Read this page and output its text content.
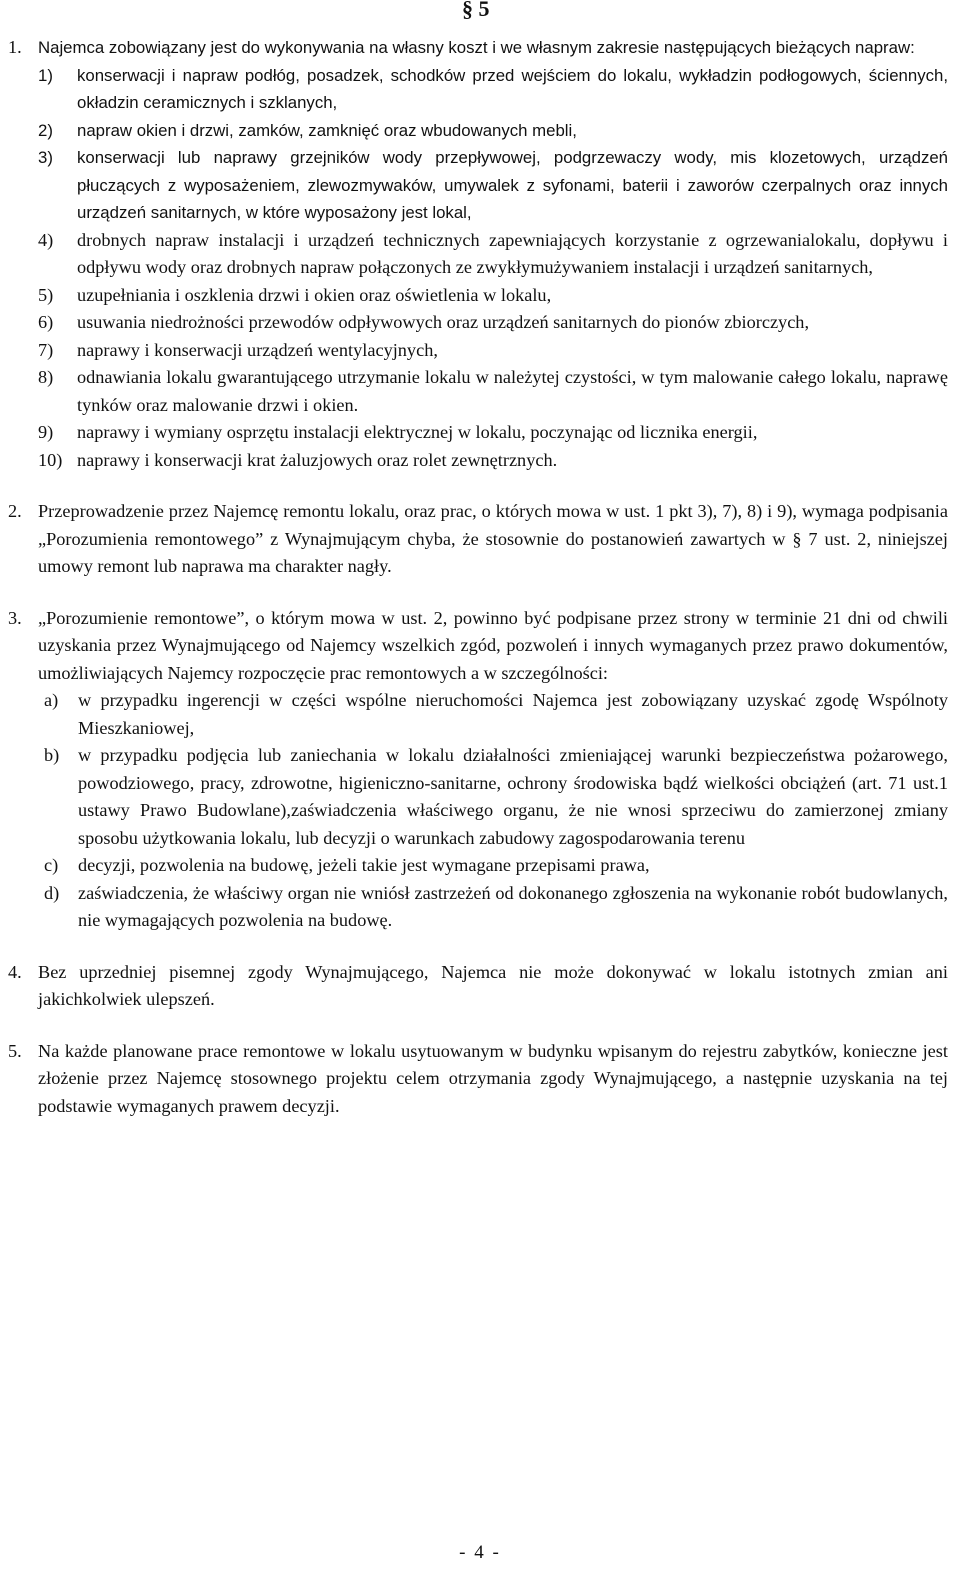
§ 5
1. Najemca zobowiązany jest do wykonywania na własny koszt i we własnym zakresie następujących bieżących napraw:
1) konserwacji i napraw podłóg, posadzek, schodków przed wejściem do lokalu, wykładzin podłogowych, ściennych, okładzin ceramicznych i szklanych,
2) napraw okien i drzwi, zamków, zamknięć oraz wbudowanych mebli,
3) konserwacji lub naprawy grzejników wody przepływowej, podgrzewaczy wody, mis klozetowych, urządzeń płuczących z wyposażeniem, zlewozmywaków, umywalek z syfonami, baterii i zaworów czerpalnych oraz innych urządzeń sanitarnych, w które wyposażony jest lokal,
4) drobnych napraw instalacji i urządzeń technicznych zapewniających korzystanie z ogrzewanialokalu, dopływu i odpływu wody oraz drobnych napraw połączonych ze zwykłymużywaniem instalacji i urządzeń sanitarnych,
5) uzupełniania i oszklenia drzwi i okien oraz oświetlenia w lokalu,
6) usuwania niedrożności przewodów odpływowych oraz urządzeń sanitarnych do pionów zbiorczych,
7) naprawy i konserwacji urządzeń wentylacyjnych,
8) odnawiania lokalu gwarantującego utrzymanie lokalu w należytej czystości, w tym malowanie całego lokalu, naprawę tynków oraz malowanie drzwi i okien.
9) naprawy i wymiany osprzętu instalacji elektrycznej w lokalu, poczynając od licznika energii,
10) naprawy i konserwacji krat żaluzjowych oraz rolet zewnętrznych.
2. Przeprowadzenie przez Najemcę remontu lokalu, oraz prac, o których mowa w ust. 1 pkt 3), 7), 8) i 9), wymaga podpisania „Porozumienia remontowego” z Wynajmującym chyba, że stosownie do postanowień zawartych w § 7 ust. 2, niniejszej umowy remont lub naprawa ma charakter nagły.
3. „Porozumienie remontowe”, o którym mowa w ust. 2, powinno być podpisane przez strony w terminie 21 dni od chwili uzyskania przez Wynajmującego od Najemcy wszelkich zgód, pozwoleń i innych wymaganych przez prawo dokumentów, umożliwiających Najemcy rozpoczęcie prac remontowych a w szczególności:
a) w przypadku ingerencji w części wspólne nieruchomości Najemca jest zobowiązany uzyskać zgodę Wspólnoty Mieszkaniowej,
b) w przypadku podjęcia lub zaniechania w lokalu działalności zmieniającej warunki bezpieczeństwa pożarowego, powodziowego, pracy, zdrowotne, higieniczno-sanitarne, ochrony środowiska bądź wielkości obciążeń (art. 71 ust.1 ustawy Prawo Budowlane),zaświadczenia właściwego organu, że nie wnosi sprzeciwu do zamierzonej zmiany sposobu użytkowania lokalu, lub decyzji o warunkach zabudowy zagospodarowania terenu
c) decyzji, pozwolenia na budowę, jeżeli takie jest wymagane przepisami prawa,
d) zaświadczenia, że właściwy organ nie wniósł zastrzeżeń od dokonanego zgłoszenia na wykonanie robót budowlanych, nie wymagających pozwolenia na budowę.
4. Bez uprzedniej pisemnej zgody Wynajmującego, Najemca nie może dokonywać w lokalu istotnych zmian ani jakichkolwiek ulepszeń.
5. Na każde planowane prace remontowe w lokalu usytuowanym w budynku wpisanym do rejestru zabytków, konieczne jest złożenie przez Najemcę stosownego projektu celem otrzymania zgody Wynajmującego, a następnie uzyskania na tej podstawie wymaganych prawem decyzji.
- 4 -
